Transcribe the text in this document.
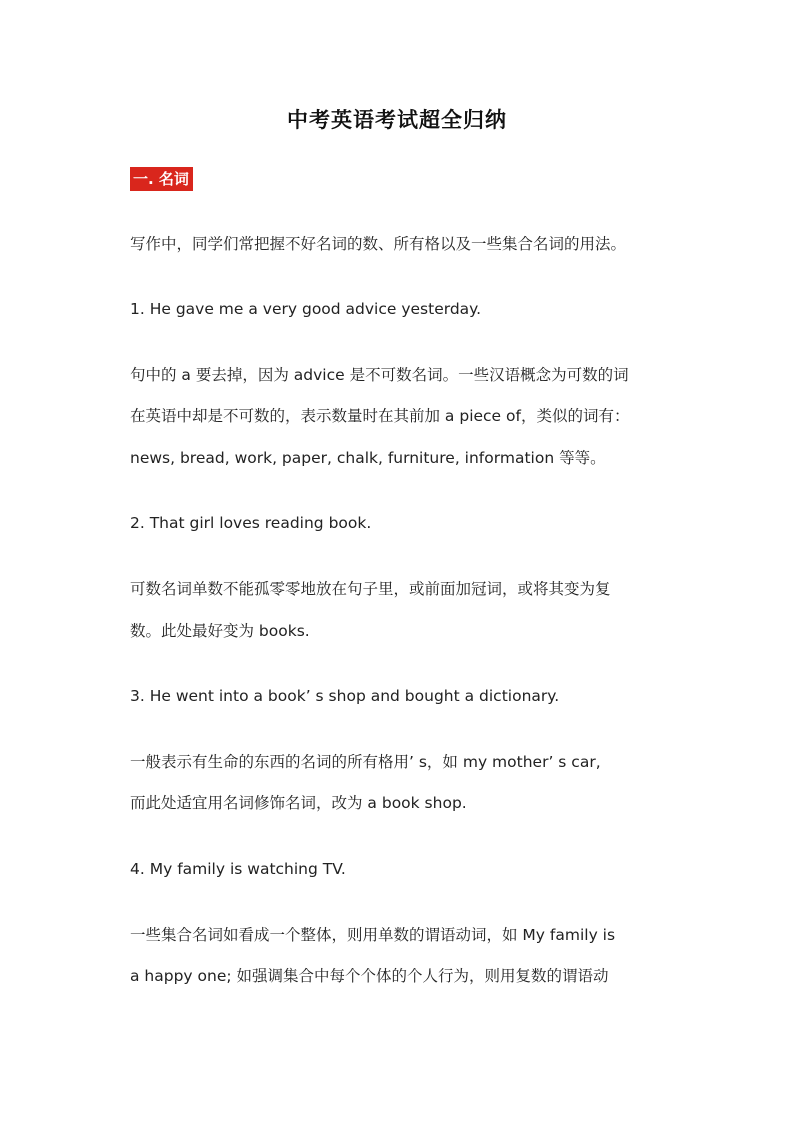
中考英语考试超全归纳
一. 名词
写作中，同学们常把握不好名词的数、所有格以及一些集合名词的用法。
1. He gave me a very good advice yesterday.
句中的 a 要去掉，因为 advice 是不可数名词。一些汉语概念为可数的词
在英语中却是不可数的，表示数量时在其前加 a piece of，类似的词有：
news, bread, work, paper, chalk, furniture, information 等等。
2. That girl loves reading book.
可数名词单数不能孤零零地放在句子里，或前面加冠词，或将其变为复
数。此处最好变为 books.
3. He went into a book’ s shop and bought a dictionary.
一般表示有生命的东西的名词的所有格用’ s，如 my mother’ s car,
而此处适宜用名词修饰名词，改为 a book shop.
4. My family is watching TV.
一些集合名词如看成一个整体，则用单数的谓语动词，如 My family is
a happy one; 如强调集合中每个个体的个人行为，则用复数的谓语动
